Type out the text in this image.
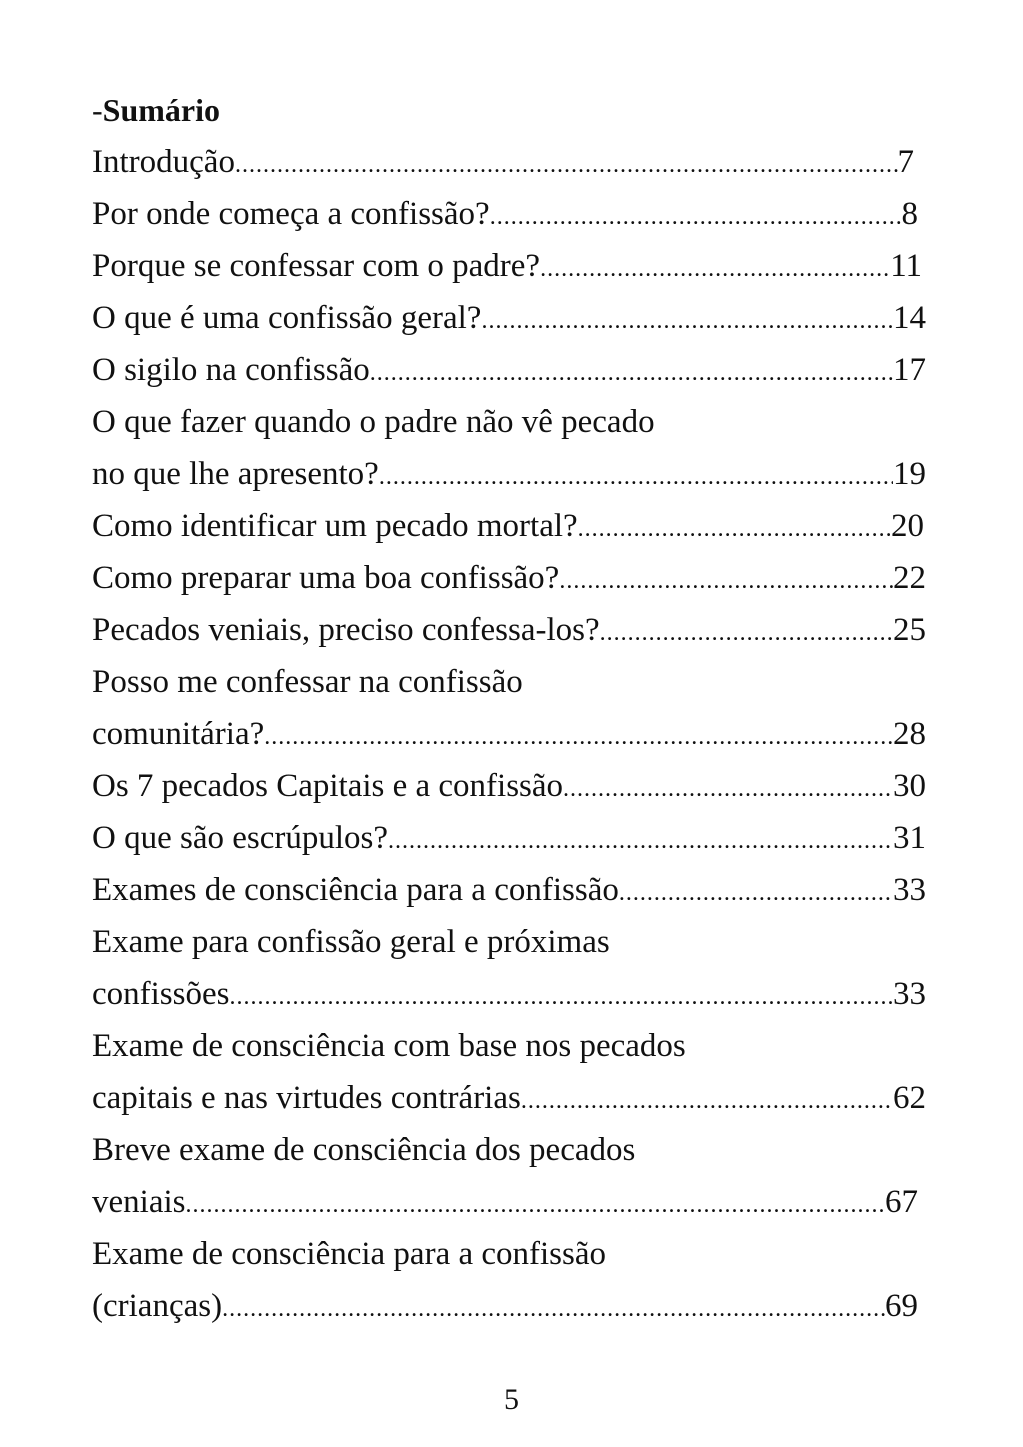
-Sumário
Introdução .....	7
Por onde começa a confissão? .....	8
Porque se confessar com o padre? .....	11
O que é uma confissão geral? .....	14
O sigilo na confissão .....	17
O que fazer quando o padre não vê pecado
no que lhe apresento? .....	19
Como identificar um pecado mortal? .....	20
Como preparar uma boa confissão? .....	22
Pecados veniais, preciso confessa-los? .....	25
Posso me confessar na confissão
comunitária? .....	28
Os 7 pecados Capitais e a confissão .....	30
O que são escrúpulos? .....	31
Exames de consciência para a confissão .....	33
Exame para confissão geral e próximas
confissões .....	33
Exame de consciência com base nos pecados
capitais e nas virtudes contrárias .....	62
Breve exame de consciência dos pecados
veniais .....	67
Exame de consciência para a confissão
(crianças) .....	69
5
